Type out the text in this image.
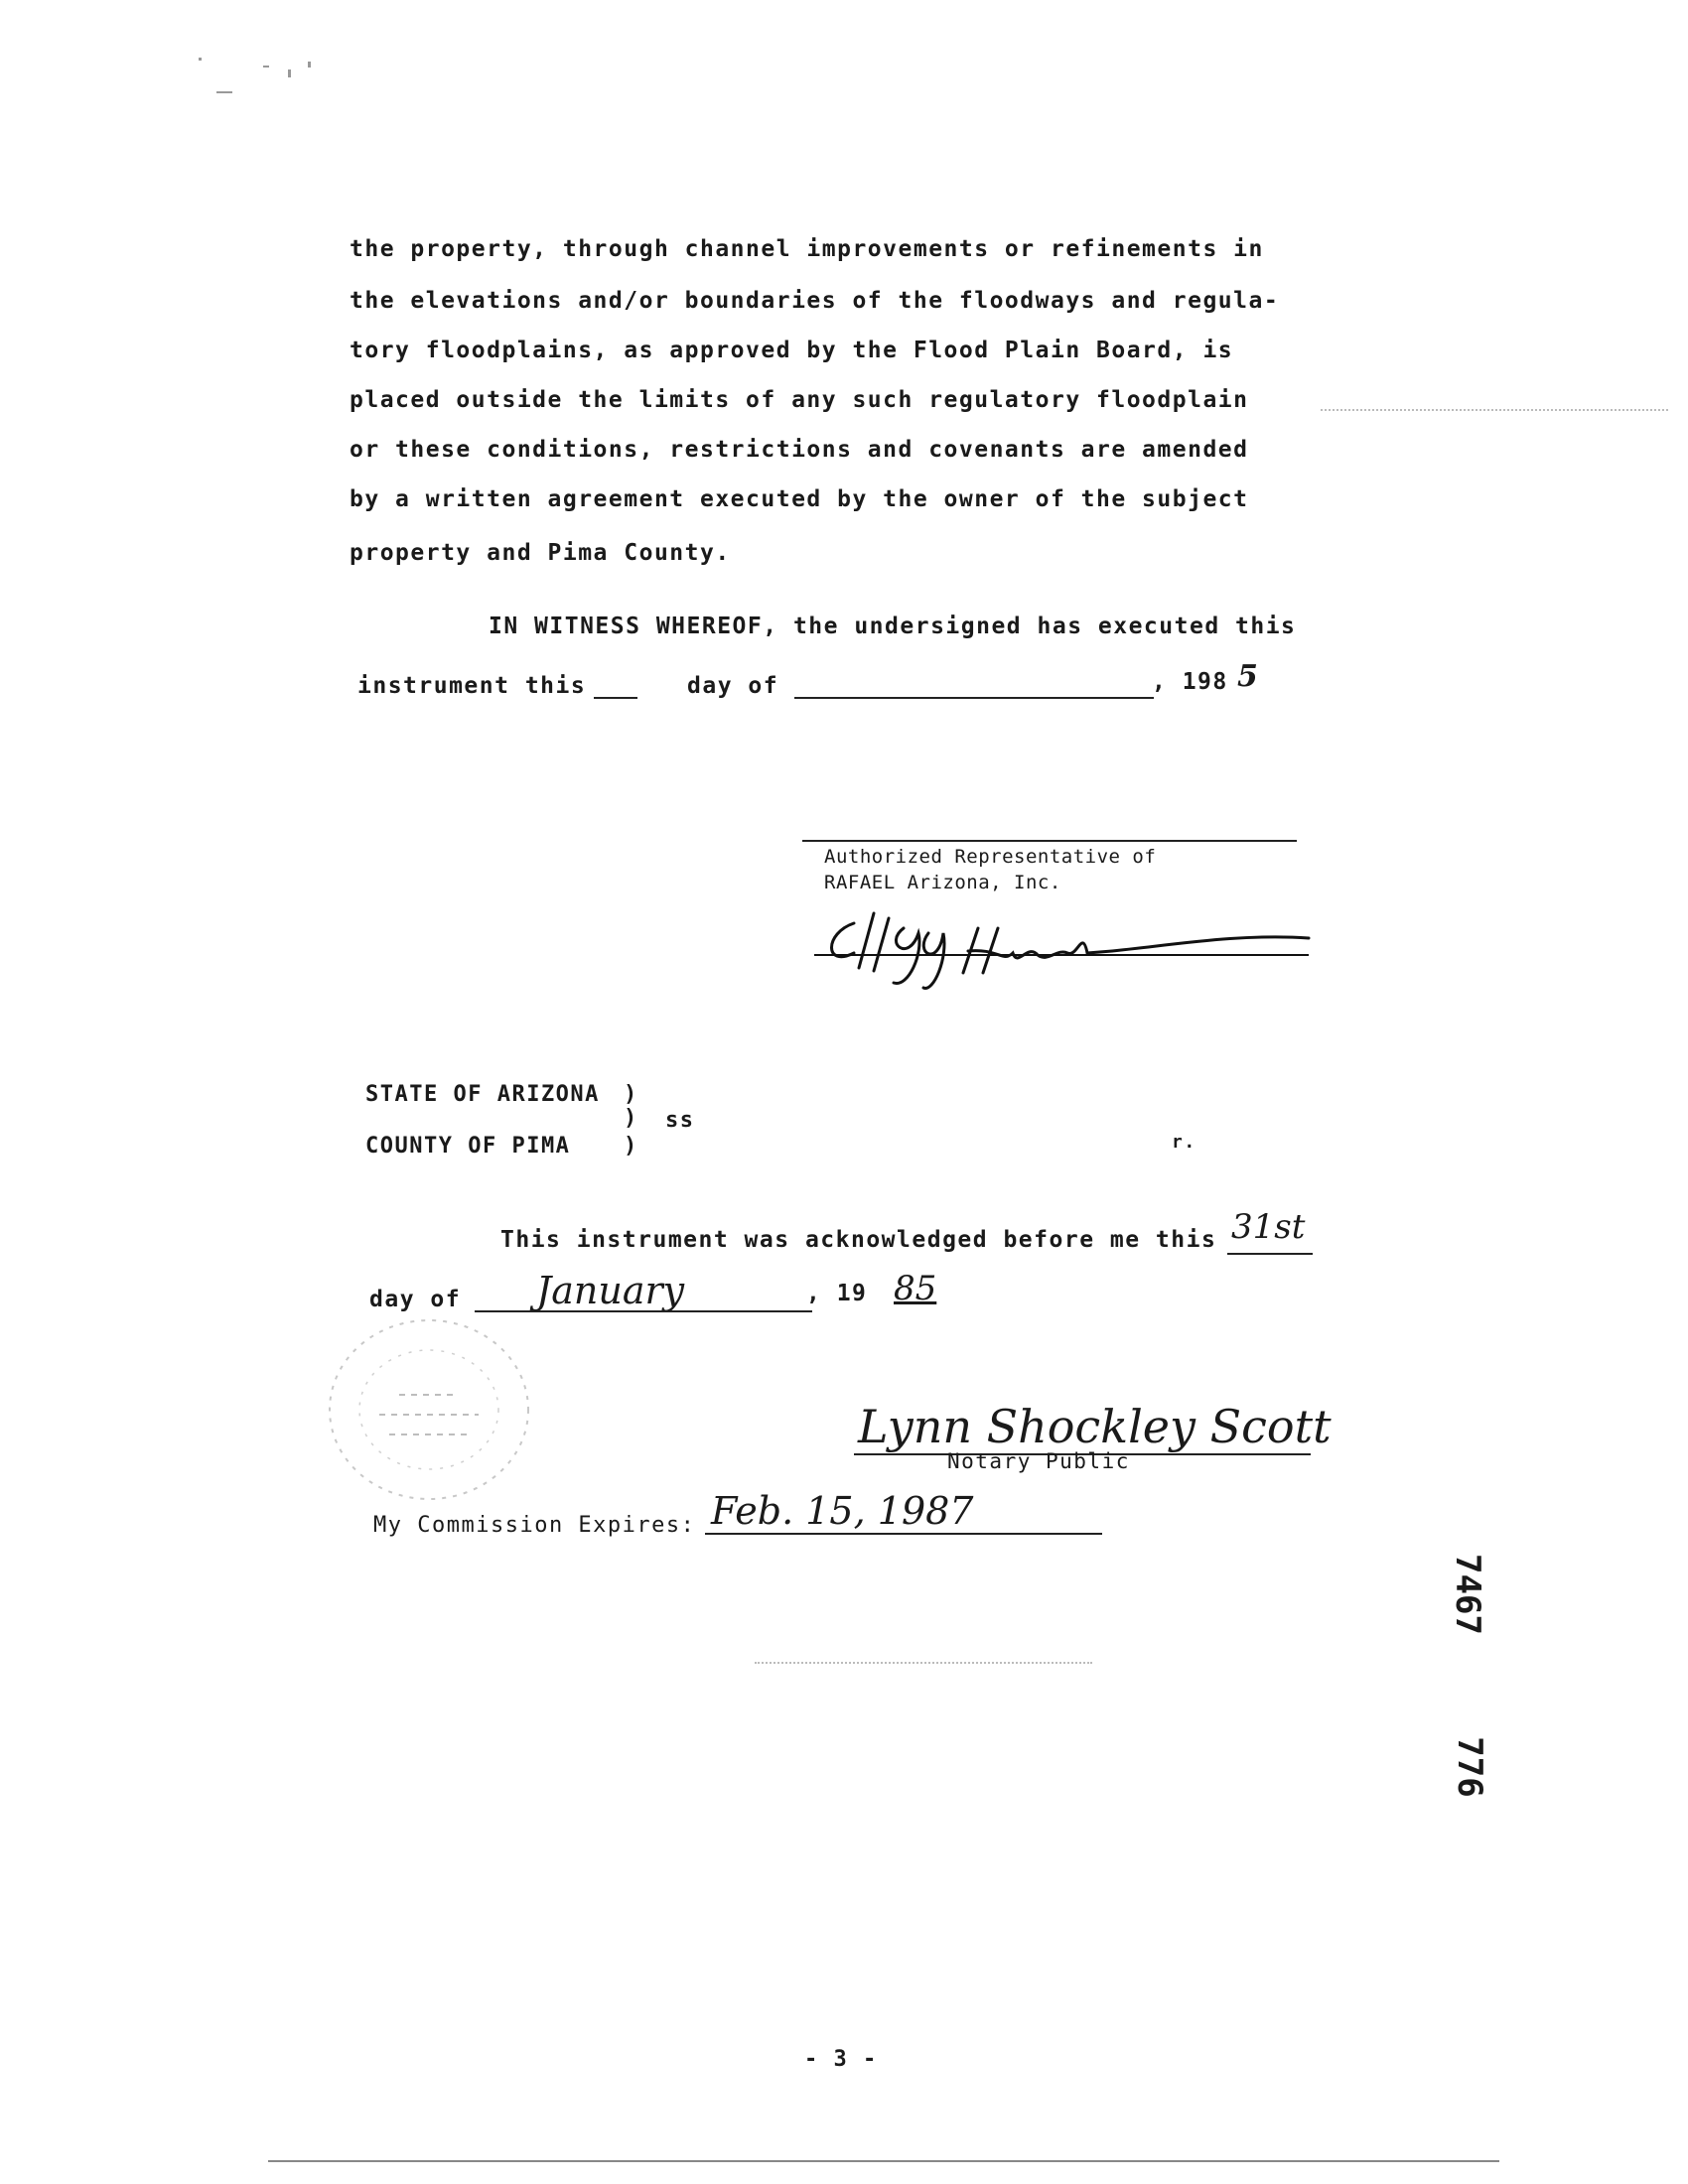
the property, through channel improvements or refinements in
the elevations and/or boundaries of the floodways and regula-
tory floodplains, as approved by the Flood Plain Board, is
placed outside the limits of any such regulatory floodplain
or these conditions, restrictions and covenants are amended
by a written agreement executed by the owner of the subject
property and Pima County.
IN WITNESS WHEREOF, the undersigned has executed this
instrument this	day of	, 198 5
Authorized Representative of
RAFAEL Arizona, Inc.
STATE OF ARIZONA )
) ss
COUNTY OF PIMA )	r.
This instrument was acknowledged before me this 31st
day of January	, 19 85
Lynn Shockley Scott
Notary Public
My Commission Expires: Feb. 15, 1987
7467
776
- 3 -
